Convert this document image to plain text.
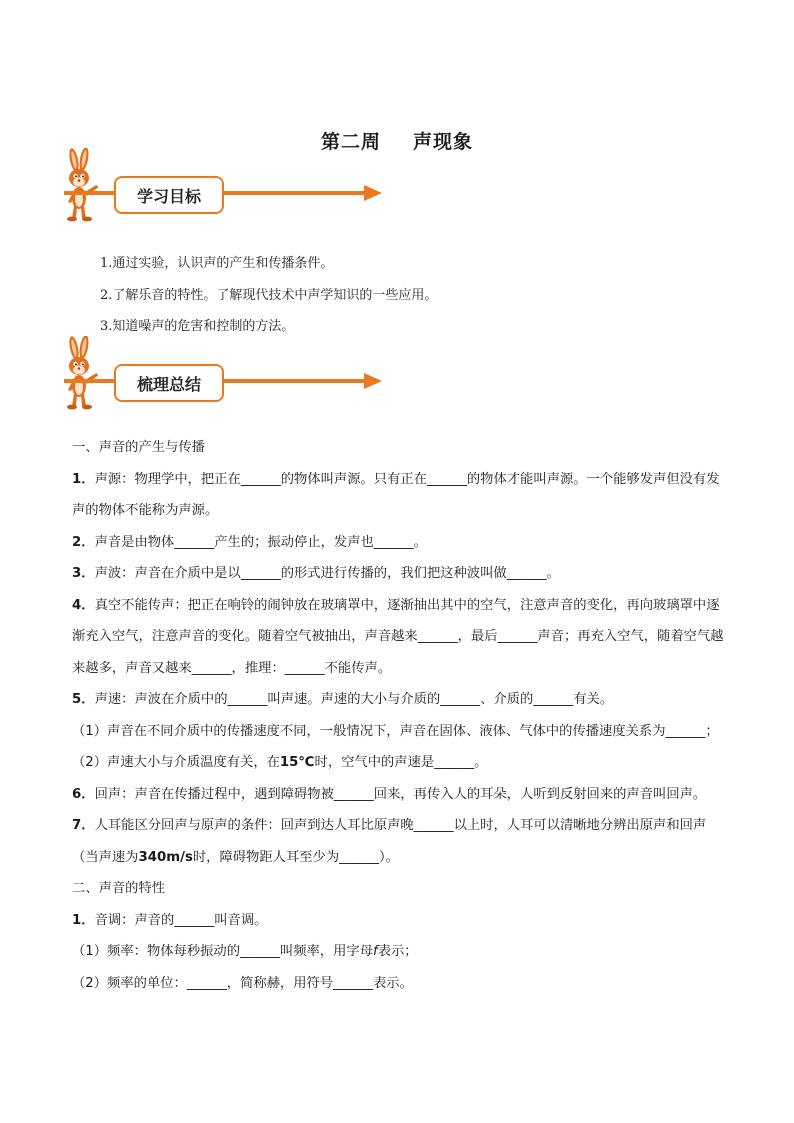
第二周 声现象
学习目标
1.通过实验，认识声的产生和传播条件。
2.了解乐音的特性。了解现代技术中声学知识的一些应用。
3.知道噪声的危害和控制的方法。
梳理总结

一、声音的产生与传播

1．声源：物理学中，把正在______的物体叫声源。只有正在______的物体才能叫声源。一个能够发声但没有发声的物体不能称为声源。

2．声音是由物体______产生的；振动停止，发声也______。

3．声波：声音在介质中是以______的形式进行传播的，我们把这种波叫做______。

4．真空不能传声：把正在响铃的闹钟放在玻璃罩中，逐渐抽出其中的空气，注意声音的变化，再向玻璃罩中逐渐充入空气，注意声音的变化。随着空气被抽出，声音越来______，最后______声音；再充入空气，随着空气越来越多，声音又越来______，推理：______不能传声。

5．声速：声波在介质中的______叫声速。声速的大小与介质的______、介质的______有关。

（1）声音在不同介质中的传播速度不同，一般情况下，声音在固体、液体、气体中的传播速度关系为______；

（2）声速大小与介质温度有关，在15℃时，空气中的声速是______。

6．回声：声音在传播过程中，遇到障碍物被______回来，再传入人的耳朵，人听到反射回来的声音叫回声。

7．人耳能区分回声与原声的条件：回声到达人耳比原声晚______以上时，人耳可以清晰地分辨出原声和回声（当声速为340m/s时，障碍物距人耳至少为______）。

二、声音的特性

1．音调：声音的______叫音调。

（1）频率：物体每秒振动的______叫频率，用字母f表示；

（2）频率的单位：______，简称赫，用符号______表示。
